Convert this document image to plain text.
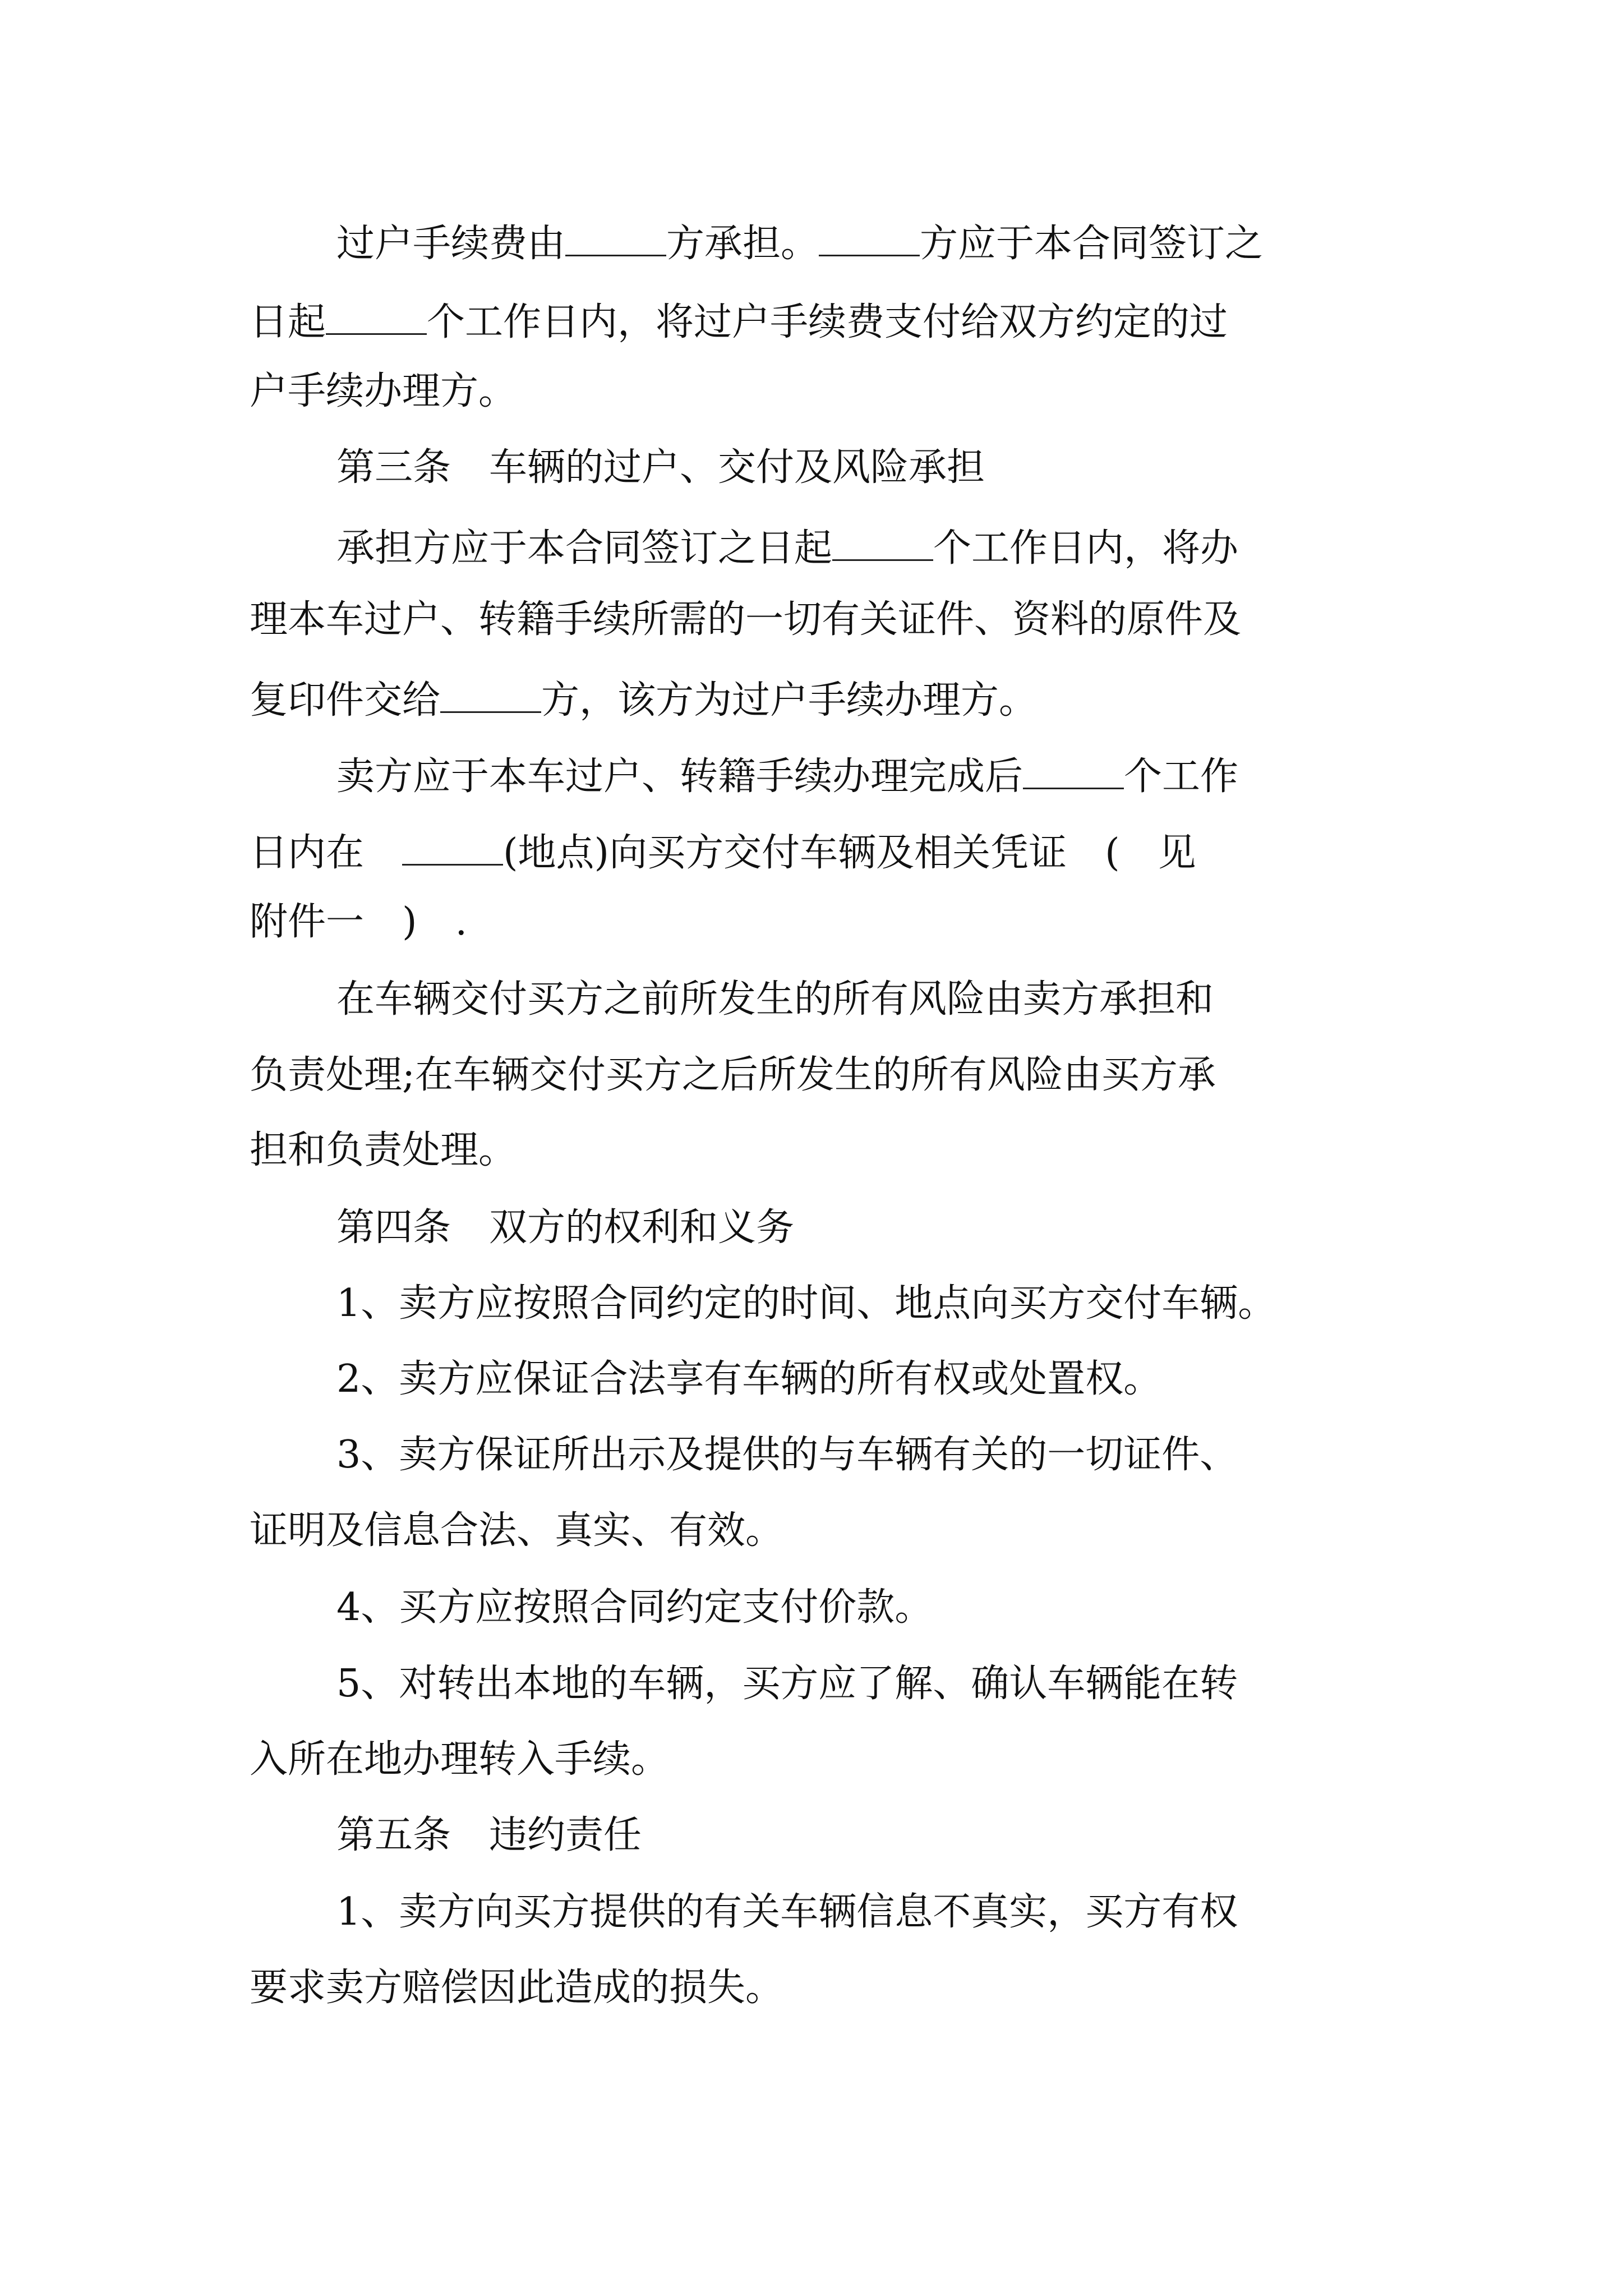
过户手续费由	方承担。	方应于本合同签订之
日起	个工作日内，将过户手续费支付给双方约定的过
户手续办理方。
第三条　车辆的过户、交付及风险承担
承担方应于本合同签订之日起	个工作日内，将办
理本车过户、转籍手续所需的一切有关证件、资料的原件及
复印件交给	方，该方为过户手续办理方。
卖方应于本车过户、转籍手续办理完成后	个工作
日内在　	(地点)向买方交付车辆及相关凭证　(　见
附件一　)　.
在车辆交付买方之前所发生的所有风险由卖方承担和
负责处理;在车辆交付买方之后所发生的所有风险由买方承
担和负责处理。
第四条　双方的权利和义务
1、卖方应按照合同约定的时间、地点向买方交付车辆。
2、卖方应保证合法享有车辆的所有权或处置权。
3、卖方保证所出示及提供的与车辆有关的一切证件、
证明及信息合法、真实、有效。
4、买方应按照合同约定支付价款。
5、对转出本地的车辆，买方应了解、确认车辆能在转
入所在地办理转入手续。
第五条　违约责任
1、卖方向买方提供的有关车辆信息不真实，买方有权
要求卖方赔偿因此造成的损失。
